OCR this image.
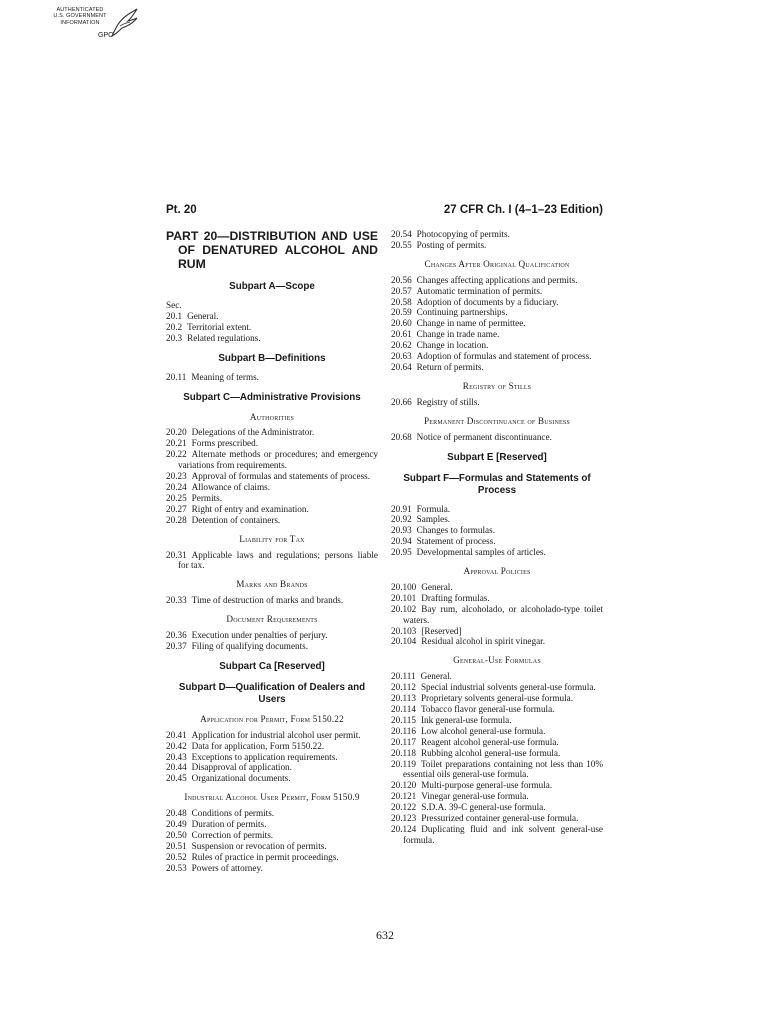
AUTHENTICATED
U.S. GOVERNMENT
INFORMATION
GPO
Pt. 20	27 CFR Ch. I (4–1–23 Edition)
PART 20—DISTRIBUTION AND USE OF DENATURED ALCOHOL AND RUM
Subpart A—Scope
Sec.
20.1 General.
20.2 Territorial extent.
20.3 Related regulations.
Subpart B—Definitions
20.11 Meaning of terms.
Subpart C—Administrative Provisions
Authorities
20.20 Delegations of the Administrator.
20.21 Forms prescribed.
20.22 Alternate methods or procedures; and emergency variations from requirements.
20.23 Approval of formulas and statements of process.
20.24 Allowance of claims.
20.25 Permits.
20.27 Right of entry and examination.
20.28 Detention of containers.
Liability for Tax
20.31 Applicable laws and regulations; persons liable for tax.
Marks and Brands
20.33 Time of destruction of marks and brands.
Document Requirements
20.36 Execution under penalties of perjury.
20.37 Filing of qualifying documents.
Subpart Ca [Reserved]
Subpart D—Qualification of Dealers and Users
Application for Permit, Form 5150.22
20.41 Application for industrial alcohol user permit.
20.42 Data for application, Form 5150.22.
20.43 Exceptions to application requirements.
20.44 Disapproval of application.
20.45 Organizational documents.
Industrial Alcohol User Permit, Form 5150.9
20.48 Conditions of permits.
20.49 Duration of permits.
20.50 Correction of permits.
20.51 Suspension or revocation of permits.
20.52 Rules of practice in permit proceedings.
20.53 Powers of attorney.
20.54 Photocopying of permits.
20.55 Posting of permits.
Changes After Original Qualification
20.56 Changes affecting applications and permits.
20.57 Automatic termination of permits.
20.58 Adoption of documents by a fiduciary.
20.59 Continuing partnerships.
20.60 Change in name of permittee.
20.61 Change in trade name.
20.62 Change in location.
20.63 Adoption of formulas and statement of process.
20.64 Return of permits.
Registry of Stills
20.66 Registry of stills.
Permanent Discontinuance of Business
20.68 Notice of permanent discontinuance.
Subpart E [Reserved]
Subpart F—Formulas and Statements of Process
20.91 Formula.
20.92 Samples.
20.93 Changes to formulas.
20.94 Statement of process.
20.95 Developmental samples of articles.
Approval Policies
20.100 General.
20.101 Drafting formulas.
20.102 Bay rum, alcoholado, or alcoholado-type toilet waters.
20.103 [Reserved]
20.104 Residual alcohol in spirit vinegar.
General-Use Formulas
20.111 General.
20.112 Special industrial solvents general-use formula.
20.113 Proprietary solvents general-use formula.
20.114 Tobacco flavor general-use formula.
20.115 Ink general-use formula.
20.116 Low alcohol general-use formula.
20.117 Reagent alcohol general-use formula.
20.118 Rubbing alcohol general-use formula.
20.119 Toilet preparations containing not less than 10% essential oils general-use formula.
20.120 Multi-purpose general-use formula.
20.121 Vinegar general-use formula.
20.122 S.D.A. 39-C general-use formula.
20.123 Pressurized container general-use formula.
20.124 Duplicating fluid and ink solvent general-use formula.
632
